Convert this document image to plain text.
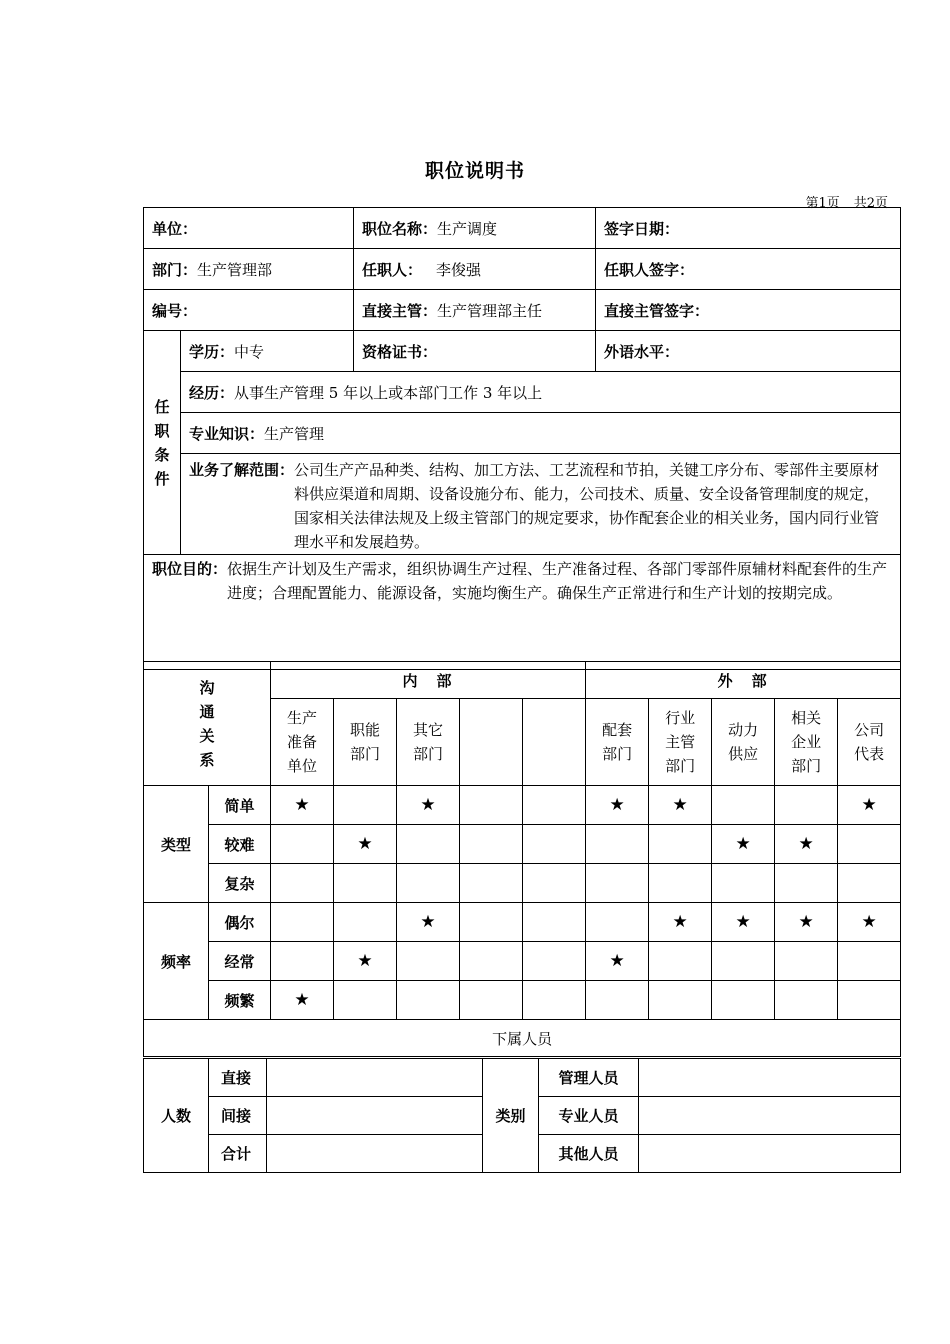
职位说明书
第1页 共2页
单位：		职位名称：生产调度	签字日期：
部门：生产管理部		任职人： 李俊强	任职人签字：
编号：		直接主管：生产管理部主任	直接主管签字：

任
职
条
件	学历：中专	资格证书：	外语水平：
	经历：从事生产管理 5 年以上或本部门工作 3 年以上		
	专业知识：生产管理		

	业务了解范围： 公司生产产品种类、结构、加工方法、工艺流程和节拍，关键工序分布、零部件主要原材料供应渠道和周期、设备设施分布、能力，公司技术、质量、安全设备管理制度的规定，国家相关法律法规及上级主管部门的规定要求，协作配套企业的相关业务，国内同行业管理水平和发展趋势。		

职位目的： 依据生产计划及生产需求，组织协调生产过程、生产准备过程、各部门零部件原辅材料配套件的生产进度；合理配置能力、能源设备，实施均衡生产。确保生产正常进行和生产计划的按期完成。			
沟
通
关
系		内　部					外　部				

		生产准备单位	职能部门	其它部门			配套部门	行业主管部门	动力供应	相关企业部门	公司代表

类型	简单	★		★			★	★			★
	较难		★						★	★	
	复杂										
频率	偶尔			★				★	★	★	★
	经常		★				★				
	频繁	★									
下属人员											
人数	直接		类别	管理人员	
	间接			专业人员	
	合计			其他人员	
